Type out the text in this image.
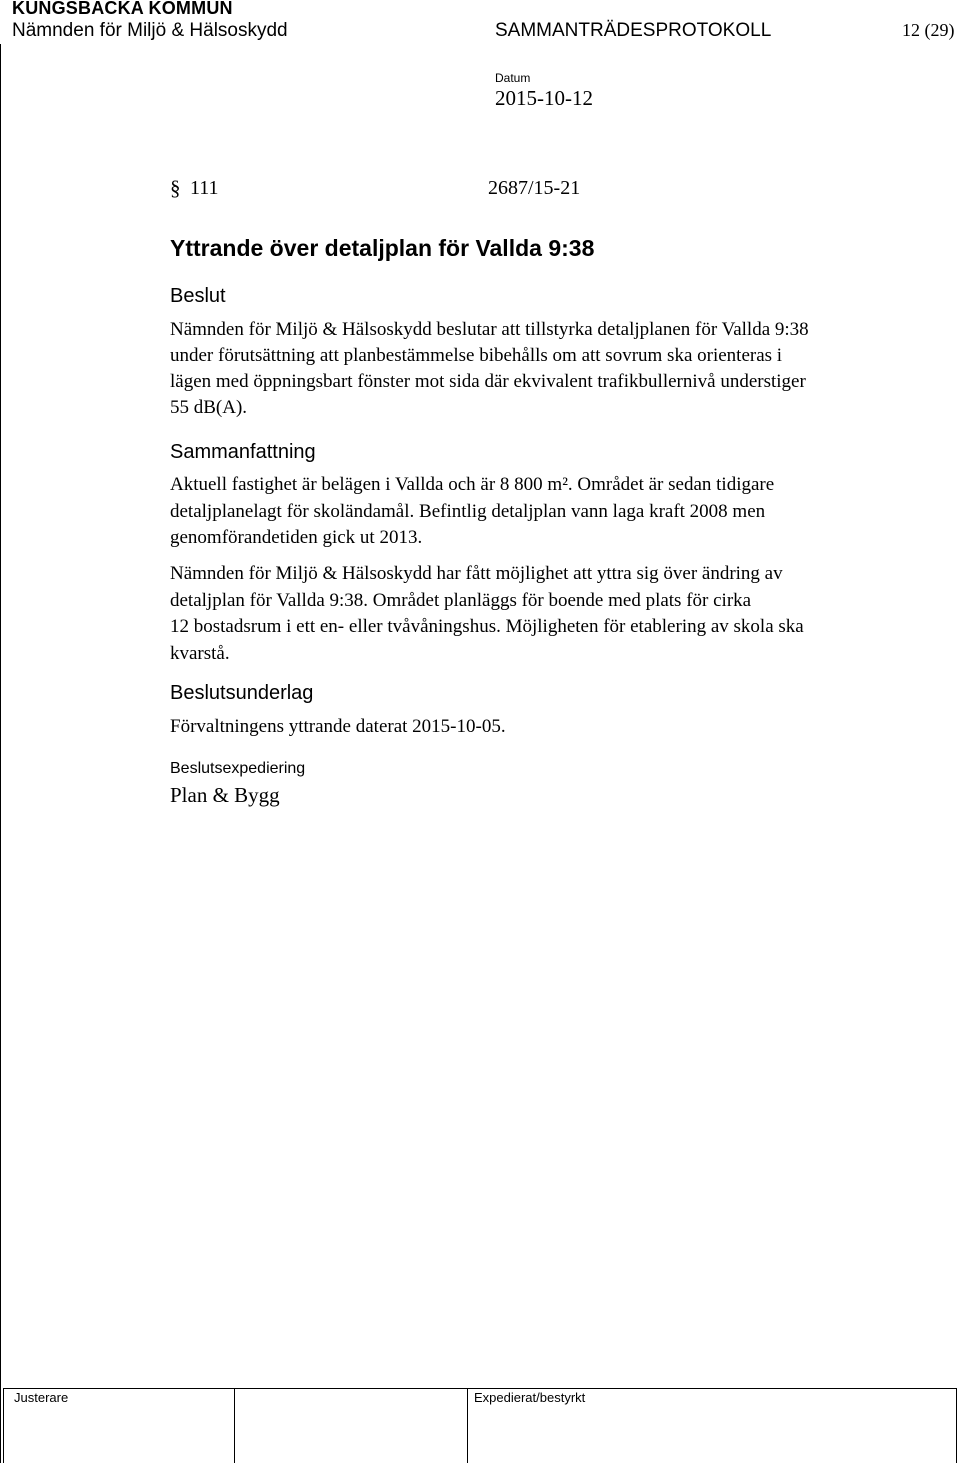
KUNGSBACKA KOMMUN
Nämnden för Miljö & Hälsoskydd	SAMMANTRÄDESPROTOKOLL	12 (29)
Datum
2015-10-12
§ 111	2687/15-21
Yttrande över detaljplan för Vallda 9:38
Beslut
Nämnden för Miljö & Hälsoskydd beslutar att tillstyrka detaljplanen för Vallda 9:38
under förutsättning att planbestämmelse bibehålls om att sovrum ska orienteras i
lägen med öppningsbart fönster mot sida där ekvivalent trafikbullernivå understiger
55 dB(A).
Sammanfattning
Aktuell fastighet är belägen i Vallda och är 8 800 m². Området är sedan tidigare
detaljplanelagt för skoländamål. Befintlig detaljplan vann laga kraft 2008 men
genomförandetiden gick ut 2013.
Nämnden för Miljö & Hälsoskydd har fått möjlighet att yttra sig över ändring av
detaljplan för Vallda 9:38. Området planläggs för boende med plats för cirka
12 bostadsrum i ett en- eller tvåvåningshus. Möjligheten för etablering av skola ska
kvarstå.
Beslutsunderlag
Förvaltningens yttrande daterat 2015-10-05.
Beslutsexpediering
Plan & Bygg
Justerare	Expedierat/bestyrkt
